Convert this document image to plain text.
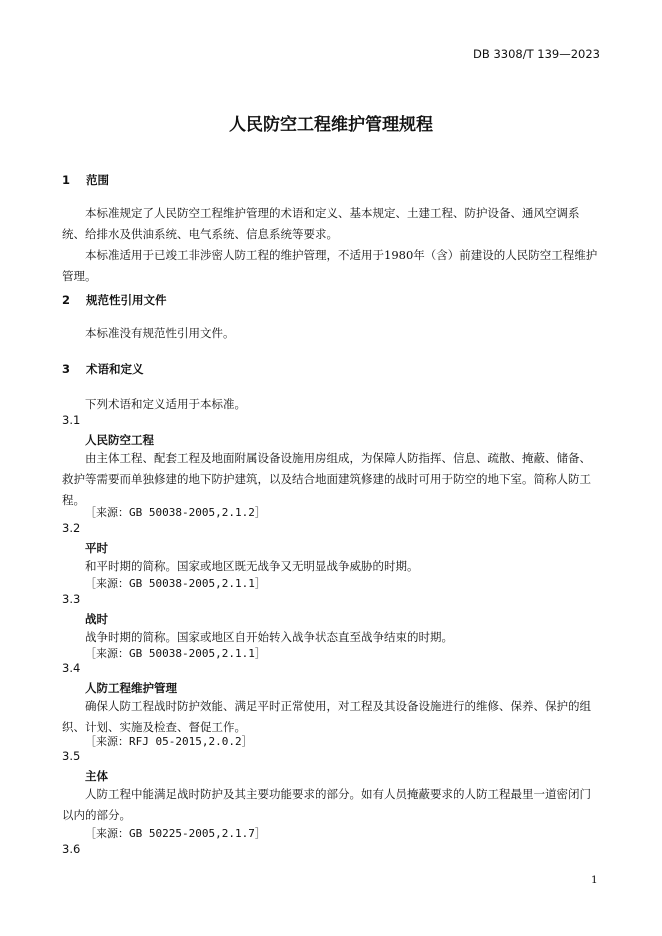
DB 3308/T 139—2023
人民防空工程维护管理规程
1 范围

本标准规定了人民防空工程维护管理的术语和定义、基本规定、土建工程、防护设备、通风空调系统、给排水及供油系统、电气系统、信息系统等要求。

本标准适用于已竣工非涉密人防工程的维护管理，不适用于1980年（含）前建设的人民防空工程维护管理。

2 规范性引用文件

本标准没有规范性引用文件。

3 术语和定义

下列术语和定义适用于本标准。

3.1
人民防空工程

由主体工程、配套工程及地面附属设备设施用房组成，为保障人防指挥、信息、疏散、掩蔽、储备、救护等需要而单独修建的地下防护建筑，以及结合地面建筑修建的战时可用于防空的地下室。简称人防工程。

［来源：GB 50038-2005,2.1.2］
3.2
平时

和平时期的简称。国家或地区既无战争又无明显战争威胁的时期。

［来源：GB 50038-2005,2.1.1］
3.3
战时

战争时期的简称。国家或地区自开始转入战争状态直至战争结束的时期。

［来源：GB 50038-2005,2.1.1］
3.4
人防工程维护管理

确保人防工程战时防护效能、满足平时正常使用，对工程及其设备设施进行的维修、保养、保护的组织、计划、实施及检查、督促工作。

［来源：RFJ 05-2015,2.0.2］
3.5
主体

人防工程中能满足战时防护及其主要功能要求的部分。如有人员掩蔽要求的人防工程最里一道密闭门以内的部分。

［来源：GB 50225-2005,2.1.7］
3.6
1
